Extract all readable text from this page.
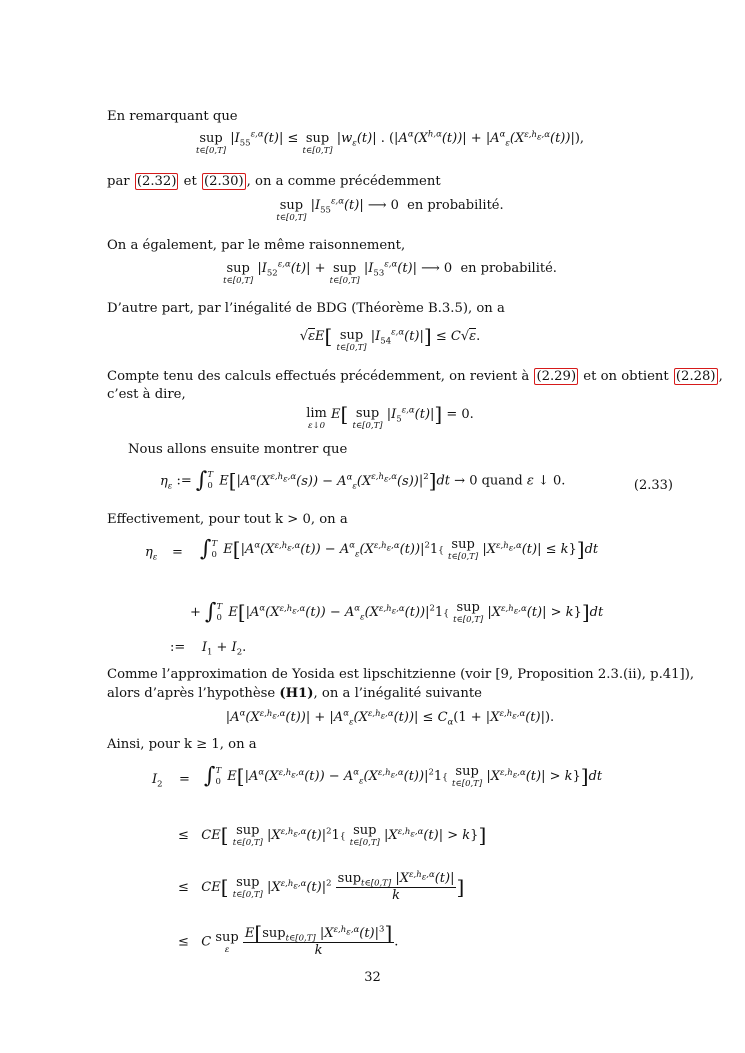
En remarquant que
sup
t∈[0,T]
$|I_{55}^{\varepsilon,\alpha}(t)|$ ≤ sup
t∈[0,T]
$|w_\varepsilon(t)|$ . $(|A^\alpha(X^{h,\alpha}(t))| + |A^\alpha_\varepsilon(X^{\varepsilon,h_\varepsilon,\alpha}(t))|)$,
par (2.32) et (2.30) , on a comme précédemment
sup
t∈[0,T]
$|I_{55}^{\varepsilon,\alpha}(t)|$ ⟶ 0  en probabilité.
On a également, par le même raisonnement,
sup
t∈[0,T]
$|I_{52}^{\varepsilon,\alpha}(t)|$ + sup
t∈[0,T]
$|I_{53}^{\varepsilon,\alpha}(t)|$ ⟶ 0  en probabilité.
D’autre part, par l’inégalité de BDG (Théorème B.3.5), on a
√εE[ sup
t∈[0,T]
$|I_{54}^{\varepsilon,\alpha}(t)|] \le C√\varepsilon$.
Compte tenu des calculs effectués précédemment, on revient à (2.29) et on obtient (2.28) ,
c’est à dire,
lim
ε↓0
E[ sup
t∈[0,T]
$|I_5^{\varepsilon,\alpha}(t)|] = 0$.
Nous allons ensuite montrer que
$\eta_\varepsilon$ := ∫ T
0 $E[|A^\alpha(X^{\varepsilon,h_\varepsilon,\alpha}(s)) - A^\alpha_\varepsilon(X^{\varepsilon,h_\varepsilon,\alpha}(s))|^2]dt \to 0$ quand ε ↓ 0.	(2.33)
Effectivement, pour tout k > 0, on a
$\eta_\varepsilon$ = ∫ T
0 $E[|A^\alpha(X^{\varepsilon,h_\varepsilon,\alpha}(t)) - A^\alpha_\varepsilon(X^{\varepsilon,h_\varepsilon,\alpha}(t))|^21${ sup
t∈[0,T] $|X^{\varepsilon,h_\varepsilon,\alpha}(t)| \le k\}]dt$
+ ∫ T
0 $E[|A^\alpha(X^{\varepsilon,h_\varepsilon,\alpha}(t)) - A^\alpha_\varepsilon(X^{\varepsilon,h_\varepsilon,\alpha}(t))|^21${ sup
t∈[0,T] $|X^{\varepsilon,h_\varepsilon,\alpha}(t)| > k\}]dt$
:=    $I_1 + I_2$.
Comme l’approximation de Yosida est lipschitzienne (voir [9, Proposition 2.3.(ii), p.41]),
alors d’après l’hypothèse (H1), on a l’inégalité suivante
$|A^\alpha(X^{\varepsilon,h_\varepsilon,\alpha}(t))| + |A^\alpha_\varepsilon(X^{\varepsilon,h_\varepsilon,\alpha}(t))| \le C_\alpha(1 + |X^{\varepsilon,h_\varepsilon,\alpha}(t)|)$.
Ainsi, pour k ≥ 1, on a
$I_2$ = ∫ T
0 $E[|A^\alpha(X^{\varepsilon,h_\varepsilon,\alpha}(t)) - A^\alpha_\varepsilon(X^{\varepsilon,h_\varepsilon,\alpha}(t))|^21${ sup
t∈[0,T] $|X^{\varepsilon,h_\varepsilon,\alpha}(t)| > k\}]dt$
≤   CE[ sup
t∈[0,T] $|X^{\varepsilon,h_\varepsilon,\alpha}(t)|^21${ sup
t∈[0,T] $|X^{\varepsilon,h_\varepsilon,\alpha}(t)| > k$}]
≤   CE[ sup
t∈[0,T] $|X^{\varepsilon,h_\varepsilon,\alpha}(t)|^2 \frac{sup_{t\in[0,T]} |X^{\varepsilon,h_\varepsilon,\alpha}(t)|}{k}$ ]
≤   C sup
ε
	$\frac{E[sup_{t\in[0,T]} |X^{\varepsilon,h_\varepsilon,\alpha}(t)|^3]}{k}$ .
32
